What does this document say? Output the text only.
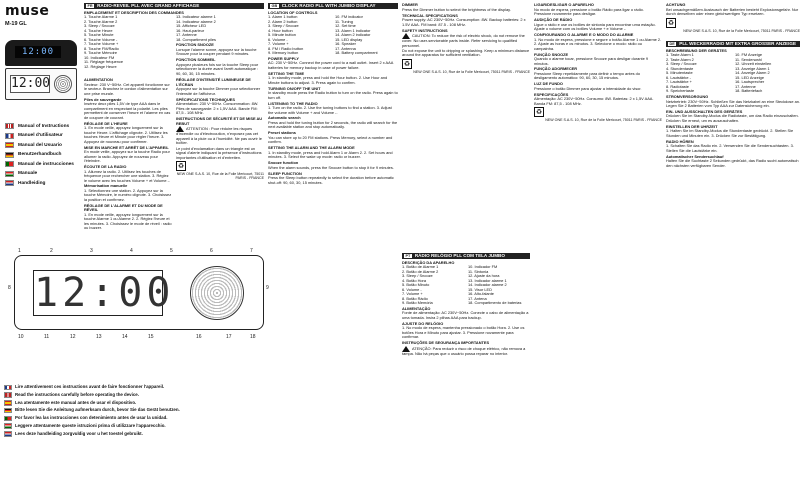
muse
M-19 GL
12:00
12:00
Manual of Instructions
Manuel d'utilisateur
Manual del Usuario
Benutzerhandbuch
Manual de instrucciones
Manuale
Handleiding
FR RADIO-REVEIL PLL AVEC GRAND AFFICHAGE
EMPLACEMENT ET DESCRIPTION DES COMMANDES
1. Touche Alarme 1
2. Touche Alarme 2
3. Sleep / Snooze
4. Touche Heure
5. Touche Minute
6. Touche Volume -
7. Touche Volume +
8. Touche FM/Radio
9. Touche Mémoire
10. Indicateur FM
11. Réglage fréquence
12. Réglage Heure
13. Indicateur alarme 1
14. Indicateur alarme 2
15. Afficheur LED
16. Haut-parleur
17. Antenne
18. Compartiment piles
FONCTION SNOOZE
Lorsque l'alarme sonne, appuyez sur la touche Snooze pour la couper pendant 9 minutes.
FONCTION SOMMEIL
Appuyez plusieurs fois sur la touche Sleep pour sélectionner la durée avant l'arrêt automatique : 90, 60, 30, 15 minutes.
ALIMENTATION
Secteur: 230 V~50Hz. Cet appareil fonctionne sur le secteur. Branchez le cordon d'alimentation sur une prise murale.
Piles de sauvegarde
Insérez deux piles 1,5V de type AAA dans le compartiment en respectant la polarité. Les piles permettent de conserver l'heure et l'alarme en cas de coupure de courant.
RÉGLAGE DE L'HEURE
1. En mode veille, appuyez longuement sur la touche Heure. L'affichage clignote. 2. Utilisez les touches Heure et Minute pour régler l'heure. 3. Appuyez de nouveau pour confirmer.
MISE EN MARCHE ET ARRÊT DE L'APPAREIL
En mode veille, appuyez sur la touche Radio pour allumer la radio. Appuyez de nouveau pour l'éteindre.
ÉCOUTE DE LA RADIO
1. Allumez la radio. 2. Utilisez les touches de fréquence pour rechercher une station. 3. Réglez le volume avec les touches Volume + et Volume -.
Mémorisation manuelle
1. Sélectionnez une station. 2. Appuyez sur la touche Mémoire, le numéro clignote. 3. Choisissez la position et confirmez.
RÉGLAGE DE L'ALARME ET DU MODE DE RÉVEIL
1. En mode veille, appuyez longuement sur la touche Alarme 1 ou Alarme 2. 2. Réglez l'heure et les minutes. 3. Choisissez le mode de réveil : radio ou buzzer.
RÉGLAGE D'INTENSITÉ LUMINEUSE DE L'ÉCRAN
Appuyez sur la touche Dimmer pour sélectionner l'intensité de l'afficheur.
SPÉCIFICATIONS TECHNIQUES
Alimentation: 230 V~50Hz. Consommation: 8W. Piles de sauvegarde: 2 x 1,5V AAA. Bande FM: 87,5 - 108 MHz.
INSTRUCTIONS DE SÉCURITÉ ET DE MISE AU REBUT
ATTENTION : Pour réduire les risques d'incendie ou d'électrocution, n'exposez pas cet appareil à la pluie ou à l'humidité. Ne pas ouvrir le boîtier.
Le point d'exclamation dans un triangle est un signal d'alerte indiquant la présence d'instructions importantes d'utilisation et d'entretien.
♻
NEW ONE S.A.S. 10, Rue de la Folie Mericourt, 75011 PARIS - FRANCE
12:00
1	2	3	4	5	6	7
8	9
10	11	12	13	14	15	16	17	18
Lire attentivement ces instructions avant de faire fonctionner l'appareil.
Read the instructions carefully before operating the device.
Lea atentamente este manual antes de usar el dispositivo.
Bitte lesen Sie die Anleitung aufmerksam durch, bevor Sie das Gerät benutzen.
Por favor lea las instrucciones con detenimiento antes de usar la unidad.
Leggere attentamente queste istruzioni prima di utilizzare l'apparecchio.
Lees deze handleiding zorgvuldig voor u het toestel gebruikt.
GB CLOCK RADIO PLL WITH JUMBO DISPLAY
LOCATION OF CONTROLS
1. Alarm 1 button
2. Alarm 2 button
3. Sleep / Snooze
4. Hour button
5. Minute button
6. Volume -
7. Volume +
8. FM / Radio button
9. Memory button
10. FM indicator
11. Tuning
12. Set time
13. Alarm 1 indicator
14. Alarm 2 indicator
15. LED display
16. Speaker
17. Antenna
18. Battery compartment
POWER SUPPLY
AC: 230 V~50Hz. Connect the power cord to a wall outlet. Insert 2 x AAA batteries for memory backup in case of power failure.
SETTING THE TIME
1. In standby mode, press and hold the Hour button. 2. Use Hour and Minute buttons to adjust. 3. Press again to confirm.
TURNING ON/OFF THE UNIT
In standby mode press the Radio button to turn on the radio. Press again to turn off.
LISTENING TO THE RADIO
1. Turn on the radio. 2. Use the tuning buttons to find a station. 3. Adjust the volume with Volume + and Volume -.
Automatic search
Press and hold the tuning button for 2 seconds, the radio will search for the next available station and stop automatically.
Preset stations
You can store up to 20 FM stations. Press Memory, select a number and confirm.
SETTING THE ALARM AND THE ALARM MODE
1. In standby mode, press and hold Alarm 1 or Alarm 2. 2. Set hours and minutes. 3. Select the wake up mode: radio or buzzer.
Snooze function
When the alarm sounds, press the Snooze button to stop it for 9 minutes.
SLEEP FUNCTION
Press the Sleep button repeatedly to select the duration before automatic shut-off: 90, 60, 30, 15 minutes.
DIMMER
Press the Dimmer button to select the brightness of the display.
TECHNICAL SPECIFICATIONS
Power supply: AC 230V~50Hz. Consumption: 8W. Backup batteries: 2 x 1.5V AAA. FM band: 87.5 - 108 MHz.
SAFETY INSTRUCTIONS
CAUTION: To reduce the risk of electric shock, do not remove the cover. No user-serviceable parts inside. Refer servicing to qualified personnel.
Do not expose the unit to dripping or splashing. Keep a minimum distance around the apparatus for sufficient ventilation.
♻
NEW ONE S.A.S. 10, Rue de la Folie Mericourt, 75011 PARIS - FRANCE
PT RÁDIO RELÓGIO PLL COM TELA JUMBO
DESCRIÇÃO DA APARELHO
1. Botão de Alarme 1
2. Botão de Alarme 2
3. Sleep / Snooze
4. Botão Hora
5. Botão Minuto
6. Volume -
7. Volume +
8. Botão Rádio
9. Botão Memória
10. Indicador FM
11. Sintonia
12. Ajuste da hora
13. Indicador alarme 1
14. Indicador alarme 2
15. Visor LED
16. Alto-falante
17. Antena
18. Compartimento de baterias
ALIMENTAÇÃO
Fonte de alimentação: AC 230V~50Hz. Conecte o cabo de alimentação a uma tomada. Insira 2 pilhas AAA para backup.
AJUSTE DO RELÓGIO
1. No modo de espera, mantenha pressionado o botão Hora. 2. Use os botões Hora e Minuto para ajustar. 3. Pressione novamente para confirmar.
INSTRUÇÕES DE SEGURANÇA IMPORTANTES
ATENÇÃO: Para reduzir o risco de choque elétrico, não remova a tampa. Não há peças que o usuário possa reparar no interior.
LIGAR/DESLIGAR O APARELHO
No modo de espera, pressione o botão Rádio para ligar o rádio. Pressione novamente para desligar.
AUDIÇÃO DE RÁDIO
Ligue o rádio e use os botões de sintonia para encontrar uma estação. Ajuste o volume com os botões Volume + e Volume -.
CONFIGURANDO O ALARME E O MODO DO ALARME
1. No modo de espera, pressione e segure o botão Alarme 1 ou Alarme 2. 2. Ajuste as horas e os minutos. 3. Selecione o modo: rádio ou campainha.
FUNÇÃO SNOOZE
Quando o alarme tocar, pressione Snooze para desligar durante 9 minutos.
FUNÇÃO ADORMECER
Pressione Sleep repetidamente para definir o tempo antes do desligamento automático: 90, 60, 30, 15 minutos.
LUZ DE FUNDO
Pressione o botão Dimmer para ajustar a intensidade do visor.
ESPECIFICAÇÕES
Alimentação: AC 230V~50Hz. Consumo: 8W. Baterias: 2 x 1,5V AAA. Banda FM: 87,5 - 108 MHz.
♻
NEW ONE S.A.S. 10, Rue de la Folie Mericourt, 75011 PARIS - FRANCE
ACHTUNG
Bei unsachgemäßem Austausch der Batterien besteht Explosionsgefahr. Nur durch denselben oder einen gleichwertigen Typ ersetzen.
♻
NEW ONE S.A.S. 10, Rue de la Folie Mericourt, 75011 PARIS - FRANCE
DE PLL WECKERRADIO MIT EXTRA GROSSER ANZEIGE
BESCHREIBUNG DER GERÄTES
1. Taste Alarm 1
2. Taste Alarm 2
3. Sleep / Snooze
4. Stundentaste
5. Minutentaste
6. Lautstärke -
7. Lautstärke +
8. Radiotaste
9. Speichertaste
10. FM Anzeige
11. Senderwahl
12. Uhrzeit einstellen
13. Anzeige Alarm 1
14. Anzeige Alarm 2
15. LED Anzeige
16. Lautsprecher
17. Antenne
18. Batteriefach
STROMVERSORGUNG
Netzbetrieb: 230V~50Hz. Schließen Sie das Netzkabel an eine Steckdose an. Legen Sie 2 Batterien vom Typ AAA zur Datensicherung ein.
EIN- UND AUSSCHALTEN DES GERÄTES
Drücken Sie im Standby-Modus die Radiotaste, um das Radio einzuschalten. Drücken Sie erneut, um es auszuschalten.
EINSTELLEN DER UHRZEIT
1. Halten Sie im Standby-Modus die Stundentaste gedrückt. 2. Stellen Sie Stunden und Minuten ein. 3. Drücken Sie zur Bestätigung.
RADIO HÖREN
1. Schalten Sie das Radio ein. 2. Verwenden Sie die Sendersuchtasten. 3. Stellen Sie die Lautstärke ein.
Automatischer Sendersuchlauf
Halten Sie die Suchtaste 2 Sekunden gedrückt, das Radio sucht automatisch den nächsten verfügbaren Sender.
